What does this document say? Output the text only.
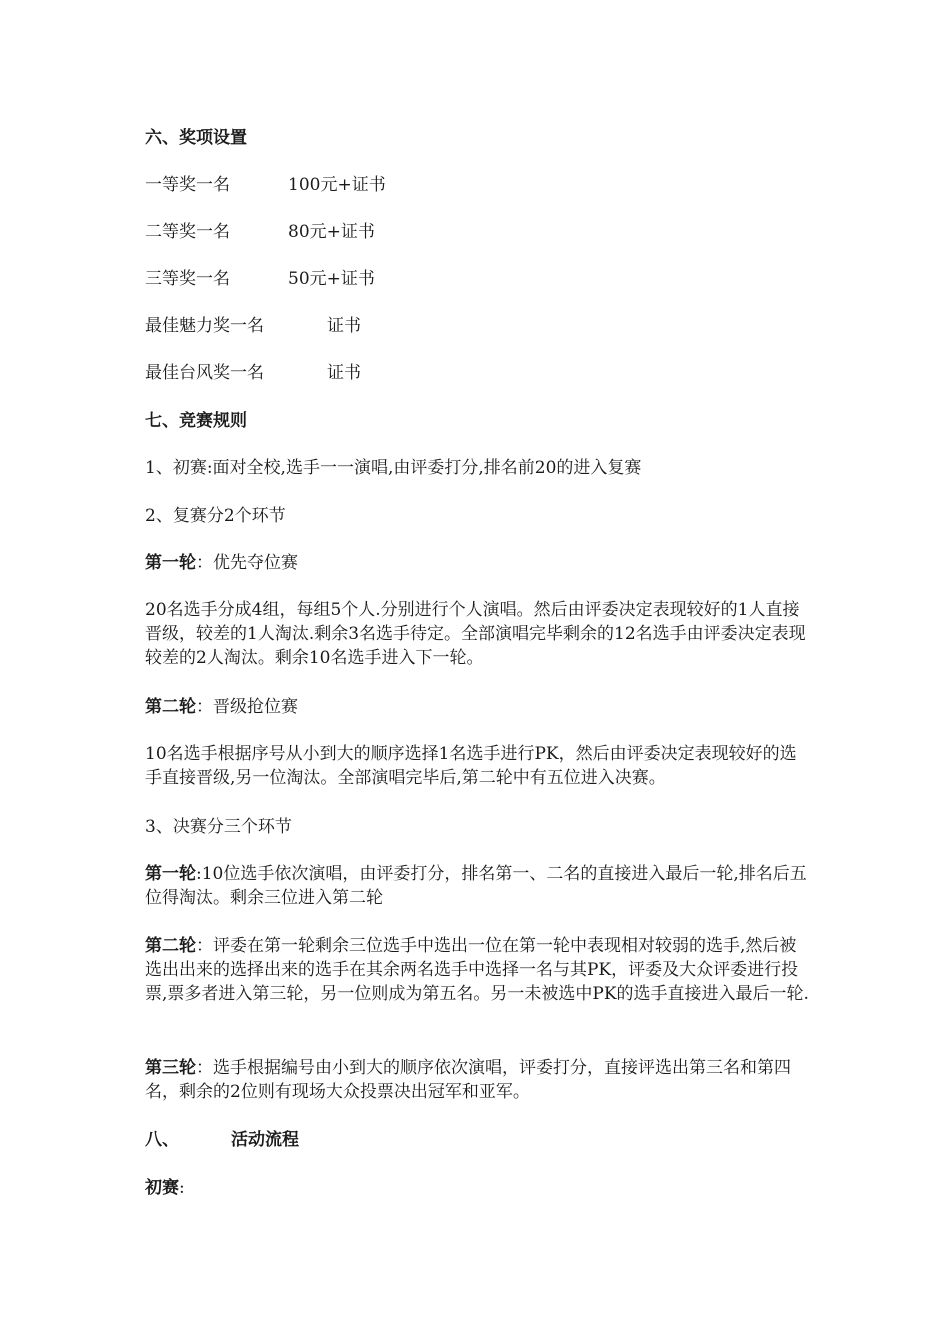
六、奖项设置
一等奖一名	100元+证书
二等奖一名	80元+证书
三等奖一名	50元+证书
最佳魅力奖一名	证书
最佳台风奖一名	证书
七、竞赛规则
1、初赛:面对全校,选手一一演唱,由评委打分,排名前20的进入复赛
2、复赛分2个环节
第一轮：优先夺位赛
20名选手分成4组，每组5个人.分别进行个人演唱。然后由评委决定表现较好的1人直接晋级，较差的1人淘汰.剩余3名选手待定。全部演唱完毕剩余的12名选手由评委决定表现较差的2人淘汰。剩余10名选手进入下一轮。
第二轮：晋级抢位赛
10名选手根据序号从小到大的顺序选择1名选手进行PK，然后由评委决定表现较好的选手直接晋级,另一位淘汰。全部演唱完毕后,第二轮中有五位进入决赛。
3、决赛分三个环节
第一轮:10位选手依次演唱，由评委打分，排名第一、二名的直接进入最后一轮,排名后五位得淘汰。剩余三位进入第二轮
第二轮：评委在第一轮剩余三位选手中选出一位在第一轮中表现相对较弱的选手,然后被选出出来的选择出来的选手在其余两名选手中选择一名与其PK，评委及大众评委进行投票,票多者进入第三轮，另一位则成为第五名。另一未被选中PK的选手直接进入最后一轮.
第三轮：选手根据编号由小到大的顺序依次演唱，评委打分，直接评选出第三名和第四名，剩余的2位则有现场大众投票决出冠军和亚军。
八、	活动流程
初赛:
